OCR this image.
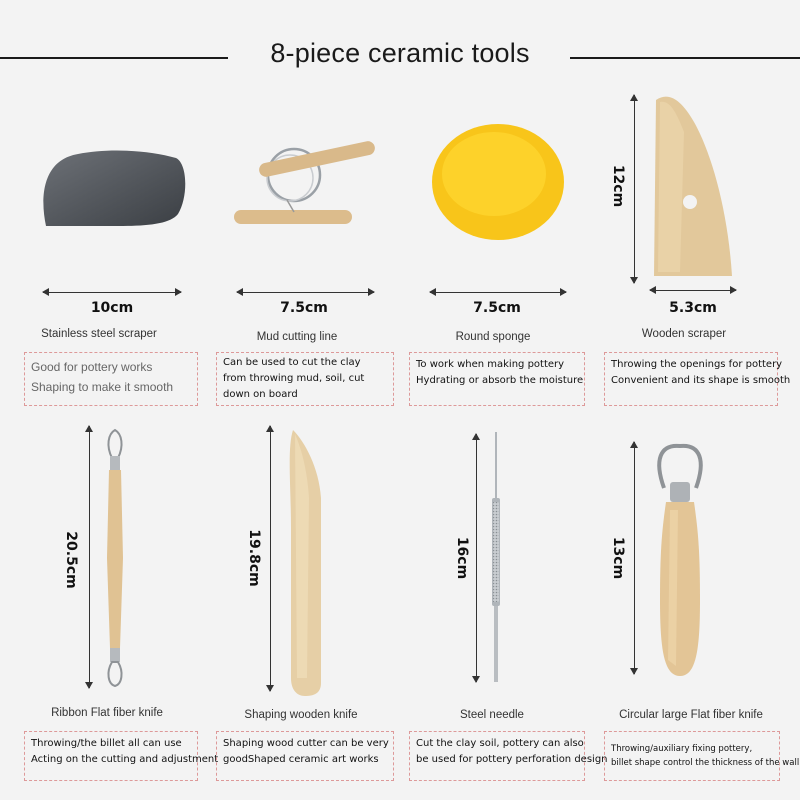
8-piece ceramic tools
10cm
Stainless steel scraper
Good for pottery works
Shaping to make it smooth
7.5cm
Mud cutting line
Can be used to cut the clay from throwing mud, soil, cut down on board
7.5cm
Round sponge
To work when making pottery
Hydrating or absorb the moisture
12cm
5.3cm
Wooden scraper
Throwing the openings for pottery
Convenient and its shape is smooth
20.5cm
Ribbon Flat fiber knife
Throwing/the billet all can use
Acting on the cutting and adjustment
19.8cm
Shaping wooden knife
Shaping wood cutter can be very
goodShaped ceramic art works
16cm
Steel needle
Cut the clay soil, pottery can also
be used for pottery perforation design
13cm
Circular large Flat fiber knife
Throwing/auxiliary fixing pottery,
billet shape control the thickness of the wall
